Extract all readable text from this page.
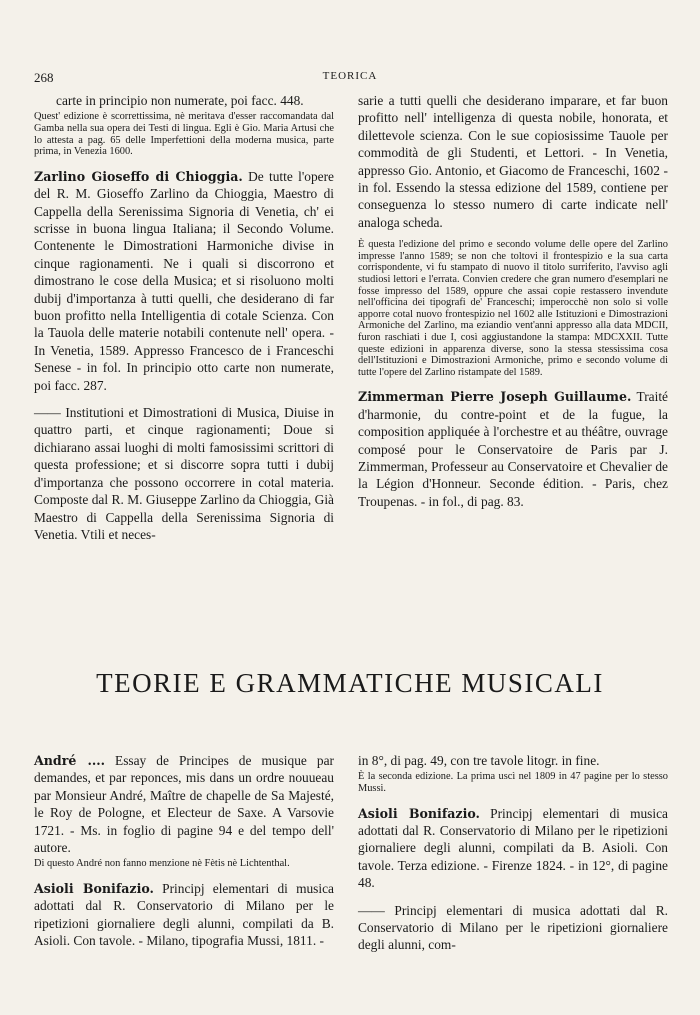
268	TEORICA

carte in principio non numerate, poi facc. 448.

Quest' edizione è scorrettissima, nè meritava d'esser raccomandata dal Gamba nella sua opera dei Testi di lingua. Egli è Gio. Maria Artusi che lo attesta a pag. 65 delle Imperfettioni della moderna musica, parte prima, in Venezia 1600.

Zarlino Gioseffo di Chioggia. De tutte l'opere del R. M. Gioseffo Zarlino da Chioggia, Maestro di Cappella della Serenissima Signoria di Venetia, ch' ei scrisse in buona lingua Italiana; il Secondo Volume. Contenente le Dimostrationi Harmoniche divise in cinque ragionamenti. Ne i quali si discorrono et dimostrano le cose della Musica; et si risoluono molti dubij d'importanza à tutti quelli, che desiderano di far buon profitto nella Intelligentia di cotale Scienza. Con la Tauola delle materie notabili contenute nell' opera. - In Venetia, 1589. Appresso Francesco de i Franceschi Senese - in fol. In principio otto carte non numerate, poi facc. 287.

—— Institutioni et Dimostrationi di Musica, Diuise in quattro parti, et cinque ragionamenti; Doue si dichiarano assai luoghi di molti famosissimi scrittori di questa professione; et si discorre sopra tutti i dubij d'importanza che possono occorrere in cotal materia. Composte dal R. M. Giuseppe Zarlino da Chioggia, Già Maestro di Cappella della Serenissima Signoria di Venetia. Vtili et neces-

sarie a tutti quelli che desiderano imparare, et far buon profitto nell' intelligenza di questa nobile, honorata, et dilettevole scienza. Con le sue copiosissime Tauole per commodità de gli Studenti, et Lettori. - In Venetia, appresso Gio. Antonio, et Giacomo de Franceschi, 1602 - in fol. Essendo la stessa edizione del 1589, contiene per conseguenza lo stesso numero di carte indicate nell' analoga scheda.

È questa l'edizione del primo e secondo volume delle opere del Zarlino impresse l'anno 1589; se non che toltovi il frontespizio e la sua carta corrispondente, vi fu stampato di nuovo il titolo surriferito, l'avviso agli studiosi lettori e l'errata. Convien credere che gran numero d'esemplari ne fosse impresso del 1589, oppure che assai copie restassero invendute nell'officina dei tipografi de' Franceschi; imperocchè non solo si volle apporre cotal nuovo frontespizio nel 1602 alle Istituzioni e Dimostrazioni Armoniche del Zarlino, ma eziandio vent'anni appresso alla data MDCII, furon raschiati i due I, così aggiustandone la stampa: MDCXXII. Tutte queste edizioni in apparenza diverse, sono la stessa stessissima cosa dell'Istituzioni e Dimostrazioni Armoniche, primo e secondo volume di tutte l'opere del Zarlino ristampate del 1589.

Zimmerman Pierre Joseph Guillaume. Traité d'harmonie, du contre-point et de la fugue, la composition appliquée à l'orchestre et au théâtre, ouvrage composé pour le Conservatoire de Paris par J. Zimmerman, Professeur au Conservatoire et Chevalier de la Légion d'Honneur. Seconde édition. - Paris, chez Troupenas. - in fol., di pag. 83.

TEORIE E GRAMMATICHE MUSICALI

André .... Essay de Principes de musique par demandes, et par reponces, mis dans un ordre nouueau par Monsieur André, Maître de chapelle de Sa Majesté, le Roy de Pologne, et Electeur de Saxe. A Varsovie 1721. - Ms. in foglio di pagine 94 e del tempo dell' autore.

Di questo André non fanno menzione nè Fètis nè Lichtenthal.

Asioli Bonifazio. Principj elementari di musica adottati dal R. Conservatorio di Milano per le ripetizioni giornaliere degli alunni, compilati da B. Asioli. Con tavole. - Milano, tipografia Mussi, 1811. -

in 8°, di pag. 49, con tre tavole litogr. in fine.

È la seconda edizione. La prima uscì nel 1809 in 47 pagine per lo stesso Mussi.

Asioli Bonifazio. Principj elementari di musica adottati dal R. Conservatorio di Milano per le ripetizioni giornaliere degli alunni, compilati da B. Asioli. Con tavole. Terza edizione. - Firenze 1824. - in 12°, di pagine 48.

—— Principj elementari di musica adottati dal R. Conservatorio di Milano per le ripetizioni giornaliere degli alunni, com-
